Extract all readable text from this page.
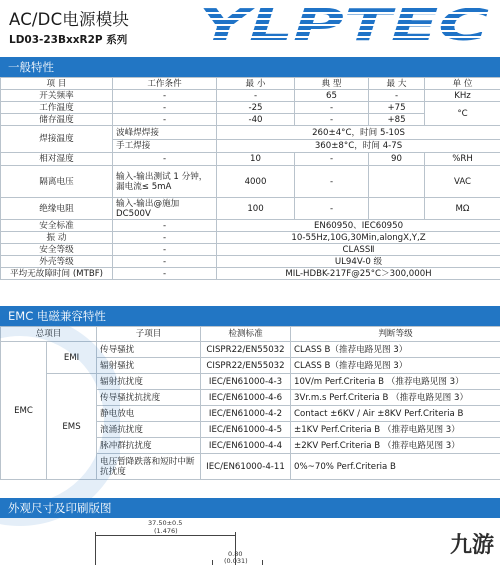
AC/DC电源模块
LD03-23BxxR2P 系列 YLPTEC
一般特性
项 目	工作条件	最 小	典 型	最 大	单 位
开关频率	-	-	65	-	KHz
工作温度	-	-25	-	+75	°C
储存温度	-	-40	-	+85	
焊接温度	波峰焊焊接	260±4°C，时间 5-10S			
	手工焊接	360±8°C，时间 4-7S			
相对湿度	-	10	-	90	%RH
隔离电压	输入-输出测试 1 分钟，漏电流≤ 5mA	4000	-		VAC
绝缘电阻	输入-输出@施加 DC500V	100	-		MΩ
安全标准	-	EN60950、IEC60950			
振 动	-	10-55Hz,10G,30Min,alongX,Y,Z			
安全等级	-	CLASSⅡ			
外壳等级	-	UL94V-0 级			
平均无故障时间 (MTBF)	-	MIL-HDBK-217F@25°C＞300,000H			
EMC 电磁兼容特性
总项目		子项目	检测标准	判断等级
EMC	EMI	传导骚扰	CISPR22/EN55032	CLASS B（推荐电路见图 3）
		辐射骚扰	CISPR22/EN55032	CLASS B（推荐电路见图 3）
	EMS	辐射抗扰度	IEC/EN61000-4-3	10V/m Perf.Criteria B （推荐电路见图 3）
		传导骚扰抗扰度	IEC/EN61000-4-6	3Vr.m.s Perf.Criteria B （推荐电路见图 3）
		静电放电	IEC/EN61000-4-2	Contact ±6KV / Air ±8KV Perf.Criteria B
		浪涌抗扰度	IEC/EN61000-4-5	±1KV Perf.Criteria B （推荐电路见图 3）
		脉冲群抗扰度	IEC/EN61000-4-4	±2KV Perf.Criteria B （推荐电路见图 3）
		电压暂降跌落和短时中断抗扰度	IEC/EN61000-4-11	0%~70% Perf.Criteria B
外观尺寸及印刷版图
37.50±0.5
(1.476)
0.80
(0.031)
九游
